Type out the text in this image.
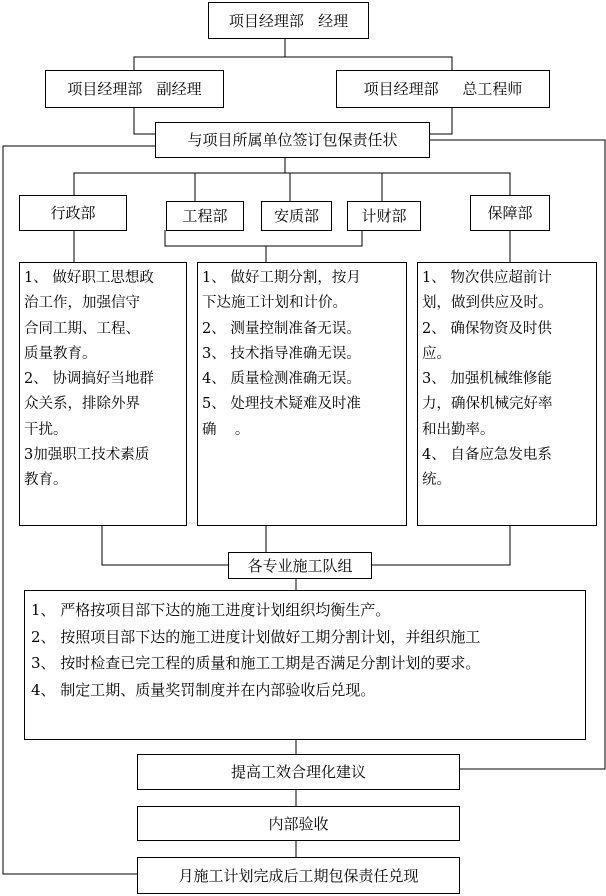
项目经理部   经理
项目经理部   副经理	项目经理部     总工程师
与项目所属单位签订包保责任状
行政部	工程部	安质部	计财部	保障部
1、 做好职工思想政
治工作，加强信守
合同工期、工程、
质量教育。
2、 协调搞好当地群
众关系，排除外界
干扰。
3加强职工技术素质
教育。
1、 做好工期分割，按月
下达施工计划和计价。
2、 测量控制准备无误。
3、 技术指导准确无误。
4、 质量检测准确无误。
5、 处理技术疑难及时准
确    。
1、 物次供应超前计
划，做到供应及时。
2、 确保物资及时供
应。
3、 加强机械维修能
力，确保机械完好率
和出勤率。
4、 自备应急发电系
统。
各专业施工队组
1、 严格按项目部下达的施工进度计划组织均衡生产。
2、 按照项目部下达的施工进度计划做好工期分割计划，并组织施工
3、 按时检查已完工程的质量和施工工期是否满足分割计划的要求。
4、 制定工期、质量奖罚制度并在内部验收后兑现。
提高工效合理化建议
内部验收
月施工计划完成后工期包保责任兑现
